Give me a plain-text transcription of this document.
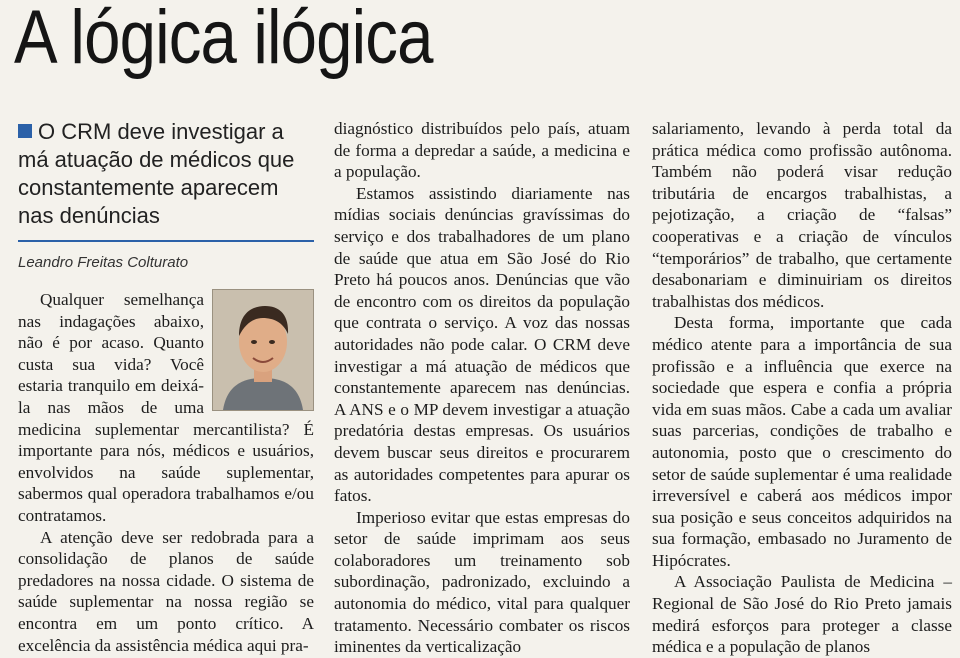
A lógica ilógica
O CRM deve investigar a má atuação de médicos que constantemente aparecem nas denúncias
Leandro Freitas Colturato

Qualquer semelhança nas indagações abaixo, não é por acaso. Quanto custa sua vida? Você estaria tranquilo em deixá-la nas mãos de uma medicina suplementar mercantilista? É importante para nós, médicos e usuários, envolvidos na saúde suplementar, sabermos qual operadora trabalhamos e/ou contratamos.

A atenção deve ser redobrada para a consolidação de planos de saúde predadores na nossa cidade. O sistema de saúde suplementar na nossa região se encontra em um ponto crítico. A excelência da assistência médica aqui pra-

diagnóstico distribuídos pelo país, atuam de forma a depredar a saúde, a medicina e a população.

Estamos assistindo diariamente nas mídias sociais denúncias gravíssimas do serviço e dos trabalhadores de um plano de saúde que atua em São José do Rio Preto há poucos anos. Denúncias que vão de encontro com os direitos da população que contrata o serviço. A voz das nossas autoridades não pode calar. O CRM deve investigar a má atuação de médicos que constantemente aparecem nas denúncias. A ANS e o MP devem investigar a atuação predatória destas empresas. Os usuários devem buscar seus direitos e procurarem as autoridades competentes para apurar os fatos.

Imperioso evitar que estas empresas do setor de saúde imprimam aos seus colaboradores um treinamento sob subordinação, padronizado, excluindo a autonomia do médico, vital para qualquer tratamento. Necessário combater os riscos iminentes da verticalização

salariamento, levando à perda total da prática médica como profissão autônoma. Também não poderá visar redução tributária de encargos trabalhistas, a pejotização, a criação de “falsas” cooperativas e a criação de vínculos “temporários” de trabalho, que certamente desabonariam e diminuiriam os direitos trabalhistas dos médicos.

Desta forma, importante que cada médico atente para a importância de sua profissão e a influência que exerce na sociedade que espera e confia a própria vida em suas mãos. Cabe a cada um avaliar suas parcerias, condições de trabalho e autonomia, posto que o crescimento do setor de saúde suplementar é uma realidade irreversível e caberá aos médicos impor sua posição e seus conceitos adquiridos na sua formação, embasado no Juramento de Hipócrates.

A Associação Paulista de Medicina – Regional de São José do Rio Preto jamais medirá esforços para proteger a classe médica e a população de planos
